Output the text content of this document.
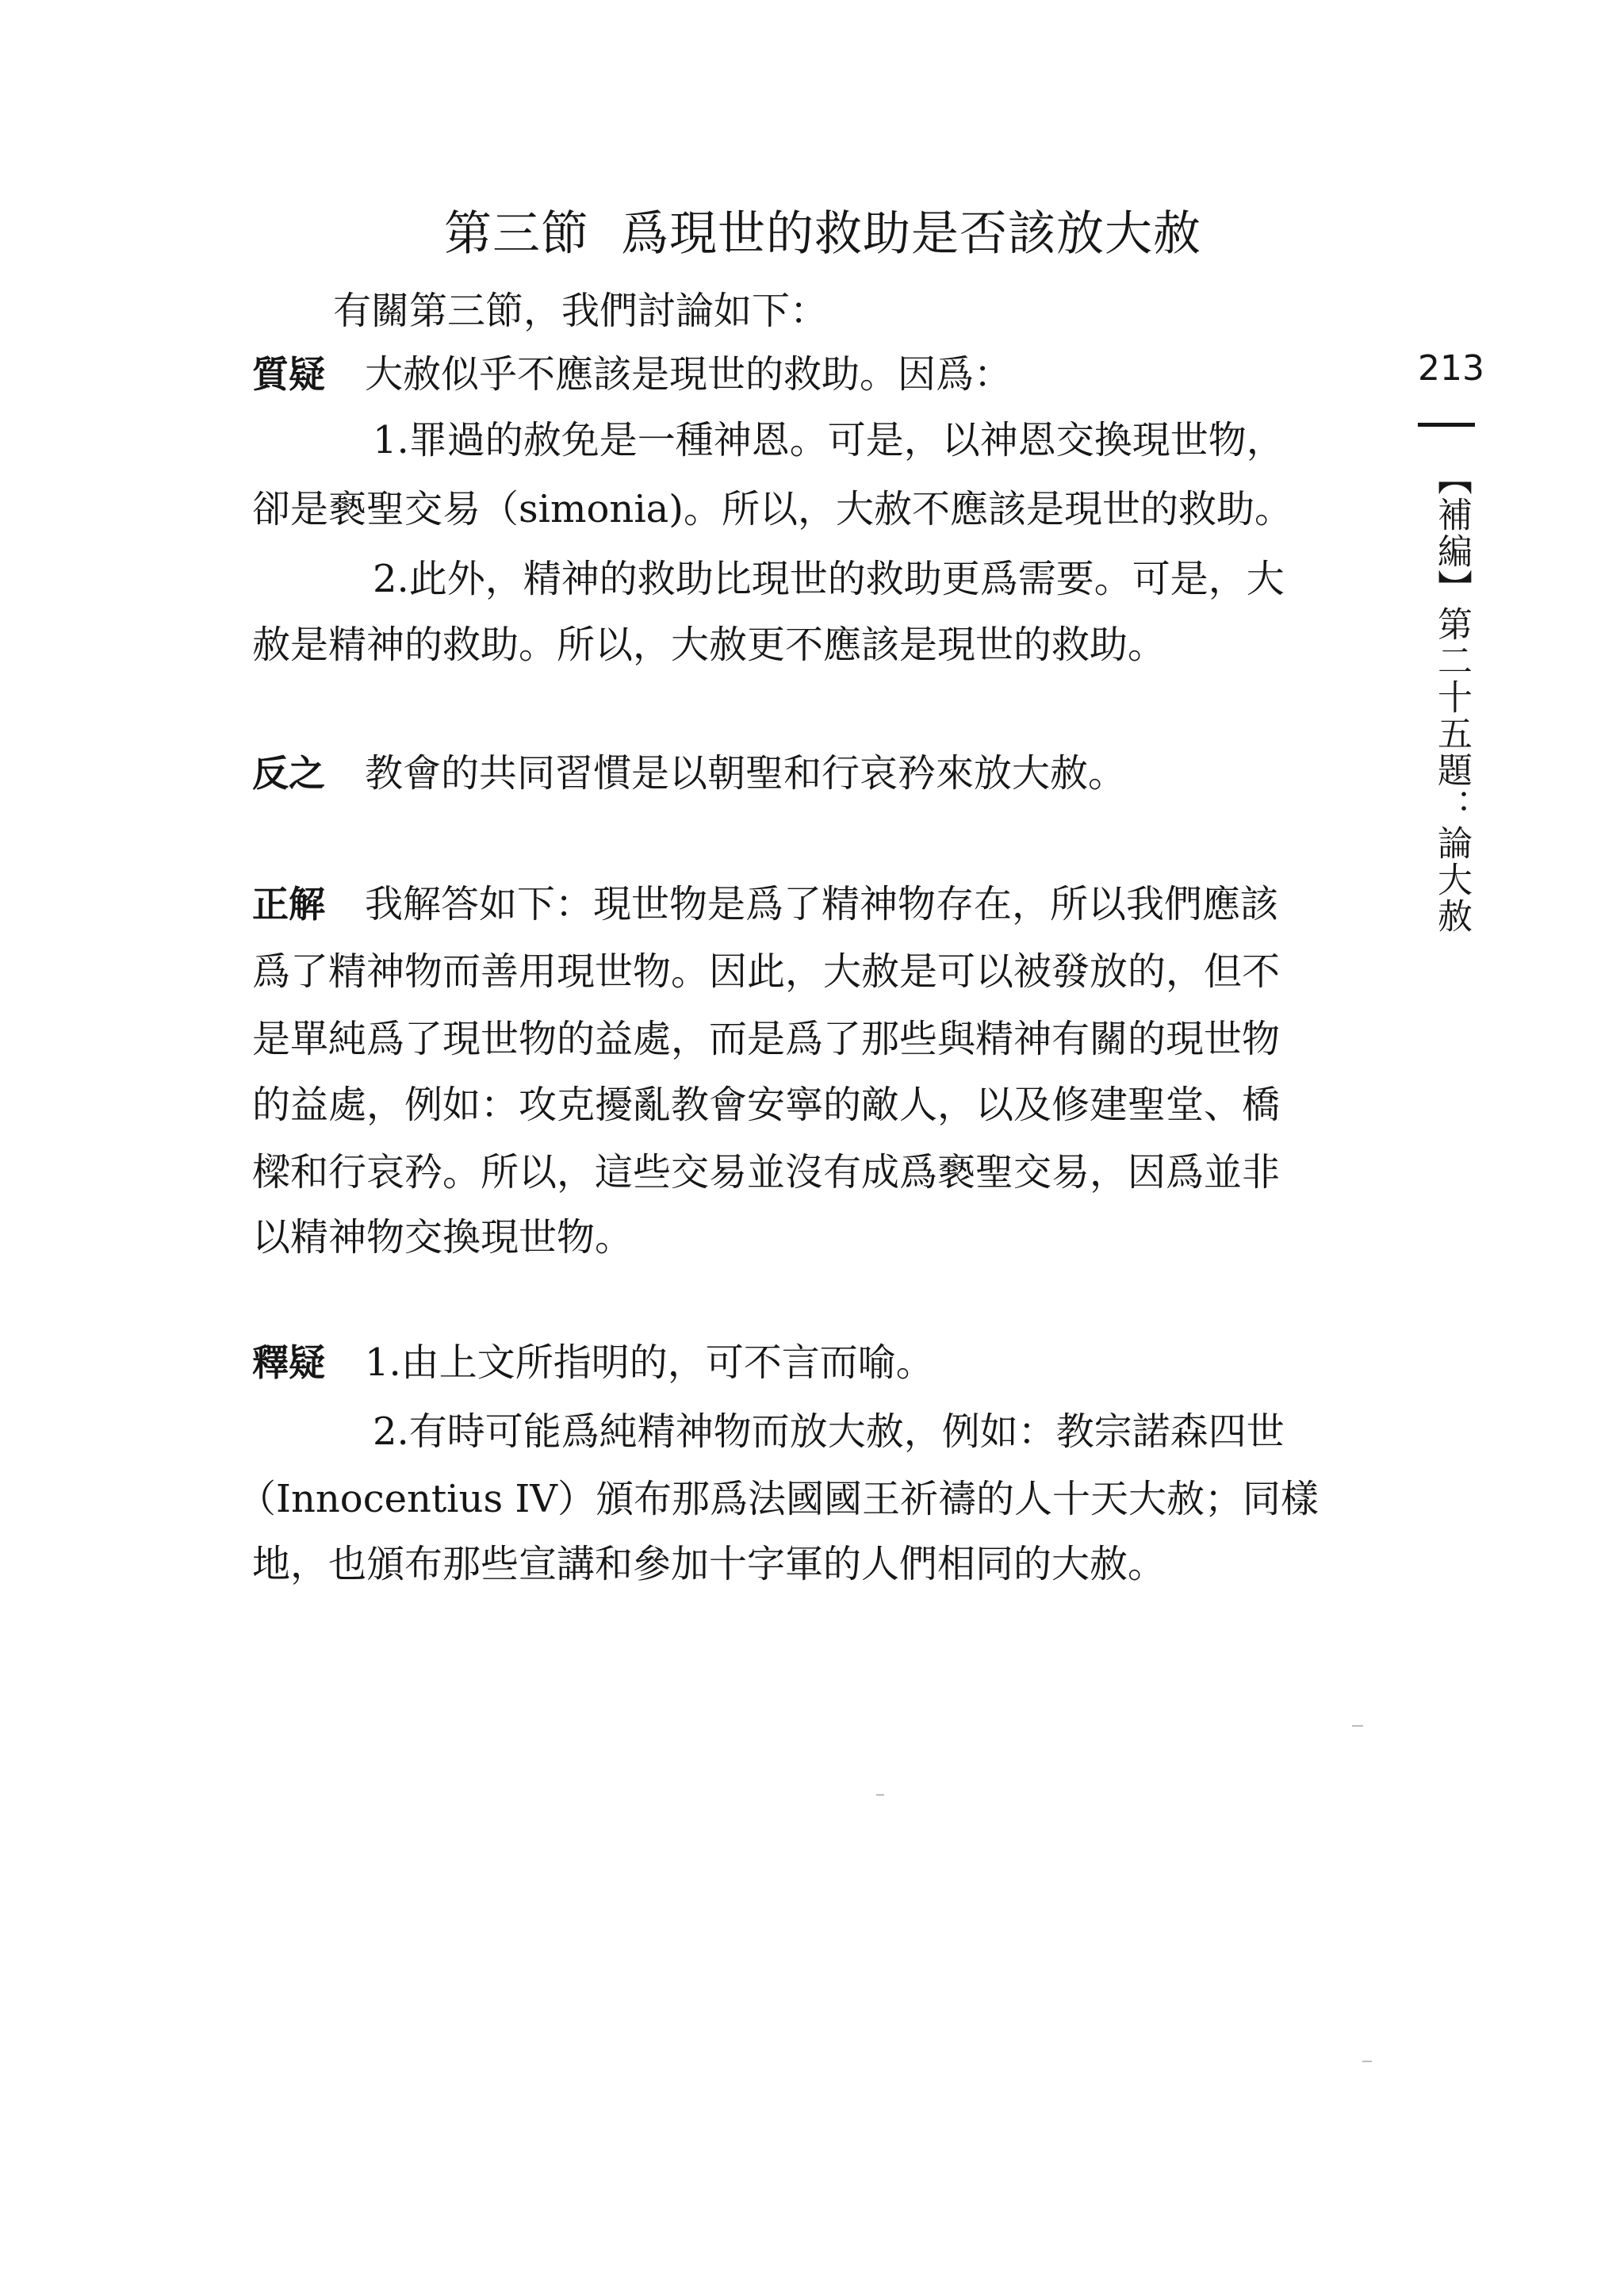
第三節 爲現世的救助是否該放大赦
有關第三節，我們討論如下：
質疑 大赦似乎不應該是現世的救助。因爲：
1.罪過的赦免是一種神恩。可是，以神恩交換現世物，
卻是褻聖交易（simonia)。所以，大赦不應該是現世的救助。
2.此外，精神的救助比現世的救助更爲需要。可是，大
赦是精神的救助。所以，大赦更不應該是現世的救助。
反之 教會的共同習慣是以朝聖和行哀矜來放大赦。
正解 我解答如下：現世物是爲了精神物存在，所以我們應該
爲了精神物而善用現世物。因此，大赦是可以被發放的，但不
是單純爲了現世物的益處，而是爲了那些與精神有關的現世物
的益處，例如：攻克擾亂教會安寧的敵人，以及修建聖堂、橋
樑和行哀矜。所以，這些交易並沒有成爲褻聖交易，因爲並非
以精神物交換現世物。
釋疑 1.由上文所指明的，可不言而喻。
2.有時可能爲純精神物而放大赦，例如：教宗諾森四世
（Innocentius IV）頒布那爲法國國王祈禱的人十天大赦；同樣
地，也頒布那些宣講和參加十字軍的人們相同的大赦。
213
【補編】第二十五題：論大赦
